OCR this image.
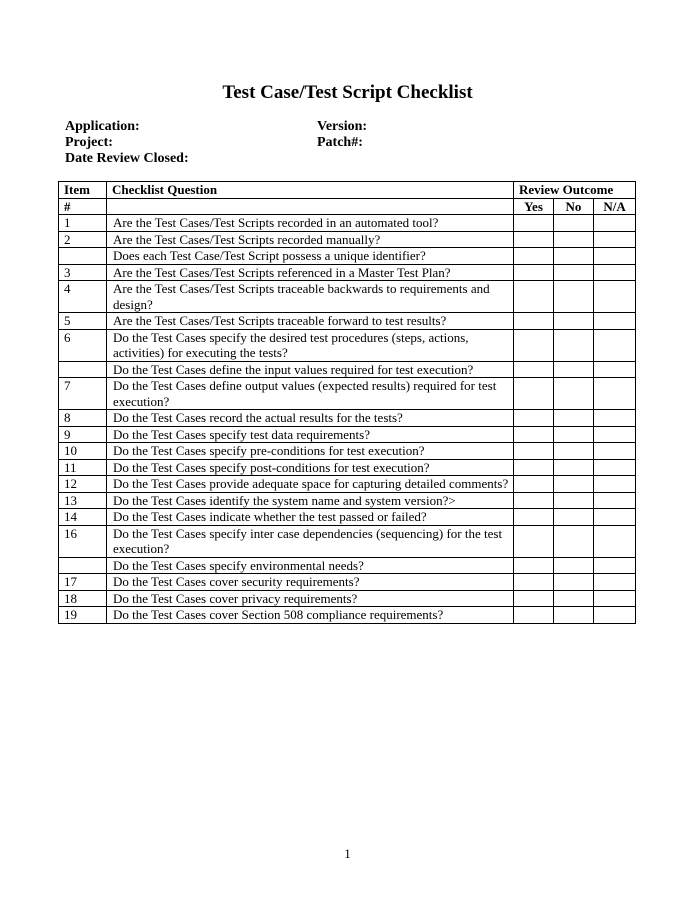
Test Case/Test Script Checklist
Application:
Project:
Date Review Closed:
Version:
Patch#:
Item	Checklist Question	Review Outcome		
#		Yes	No	N/A
1	Are the Test Cases/Test Scripts recorded in an automated tool?			
2	Are the Test Cases/Test Scripts recorded manually?			
	Does each Test Case/Test Script possess a unique identifier?			
3	Are the Test Cases/Test Scripts referenced in a Master Test Plan?			
4	Are the Test Cases/Test Scripts traceable backwards to requirements and design?			
5	Are the Test Cases/Test Scripts traceable forward to test results?			
6	Do the Test Cases specify the desired test procedures (steps, actions, activities) for executing the tests?			
	Do the Test Cases define the input values required for test execution?			
7	Do the Test Cases define output values (expected results) required for test execution?			
8	Do the Test Cases record the actual results for the tests?			
9	Do the Test Cases specify test data requirements?			
10	Do the Test Cases specify pre-conditions for test execution?			
11	Do the Test Cases specify post-conditions for test execution?			
12	Do the Test Cases provide adequate space for capturing detailed comments?			
13	Do the Test Cases identify the system name and system version?>			
14	Do the Test Cases indicate whether the test passed or failed?			
16	Do the Test Cases specify inter case dependencies (sequencing) for the test execution?			
	Do the Test Cases specify environmental needs?			
17	Do the Test Cases cover security requirements?			
18	Do the Test Cases cover privacy requirements?			
19	Do the Test Cases cover Section 508 compliance requirements?			
1
